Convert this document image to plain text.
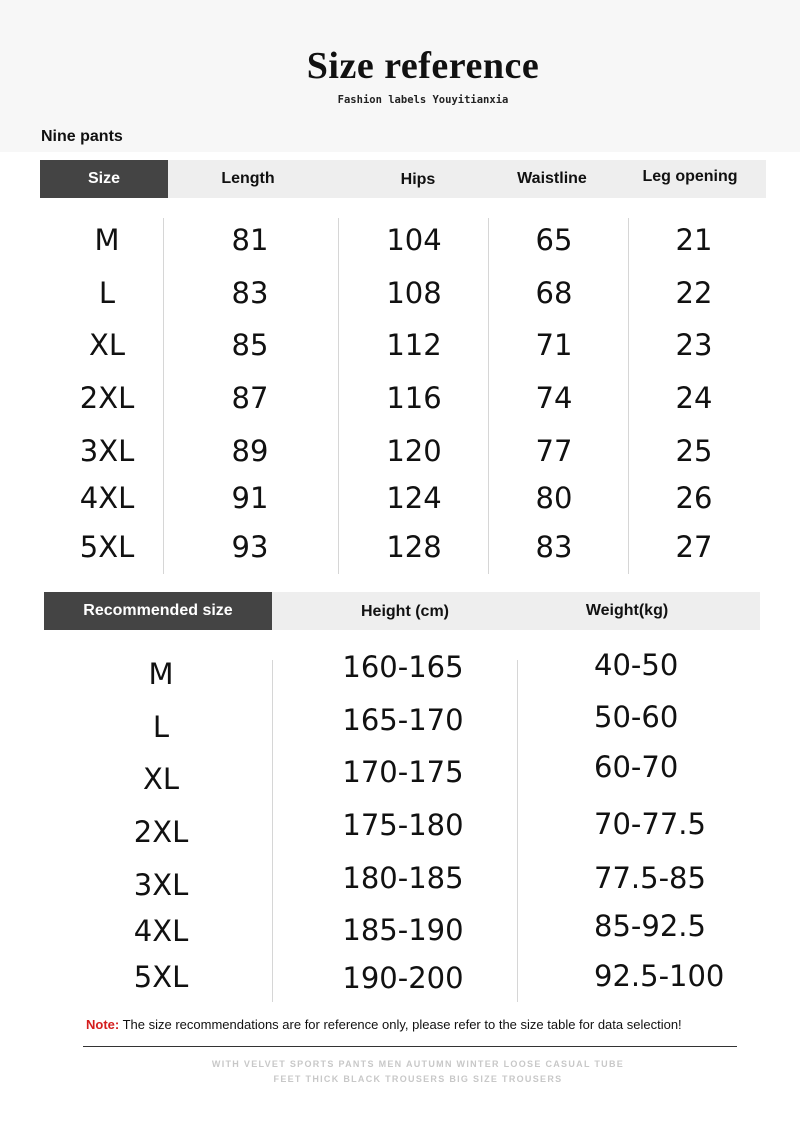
Size reference
Fashion labels Youyitianxia
Nine pants
Size	Length	Hips	Waistline	Leg opening
M	81	104	65	21
L	83	108	68	22
XL	85	112	71	23
2XL	87	116	74	24
3XL	89	120	77	25
4XL	91	124	80	26
5XL	93	128	83	27
Recommended size	Height (cm)	Weight(kg)
M	160-165	40-50
L	165-170	50-60
XL	170-175	60-70
2XL	175-180	70-77.5
3XL	180-185	77.5-85
4XL	185-190	85-92.5
5XL	190-200	92.5-100
Note: The size recommendations are for reference only, please refer to the size table for data selection!
WITH VELVET SPORTS PANTS MEN AUTUMN WINTER LOOSE CASUAL TUBE
FEET THICK BLACK TROUSERS BIG SIZE TROUSERS
